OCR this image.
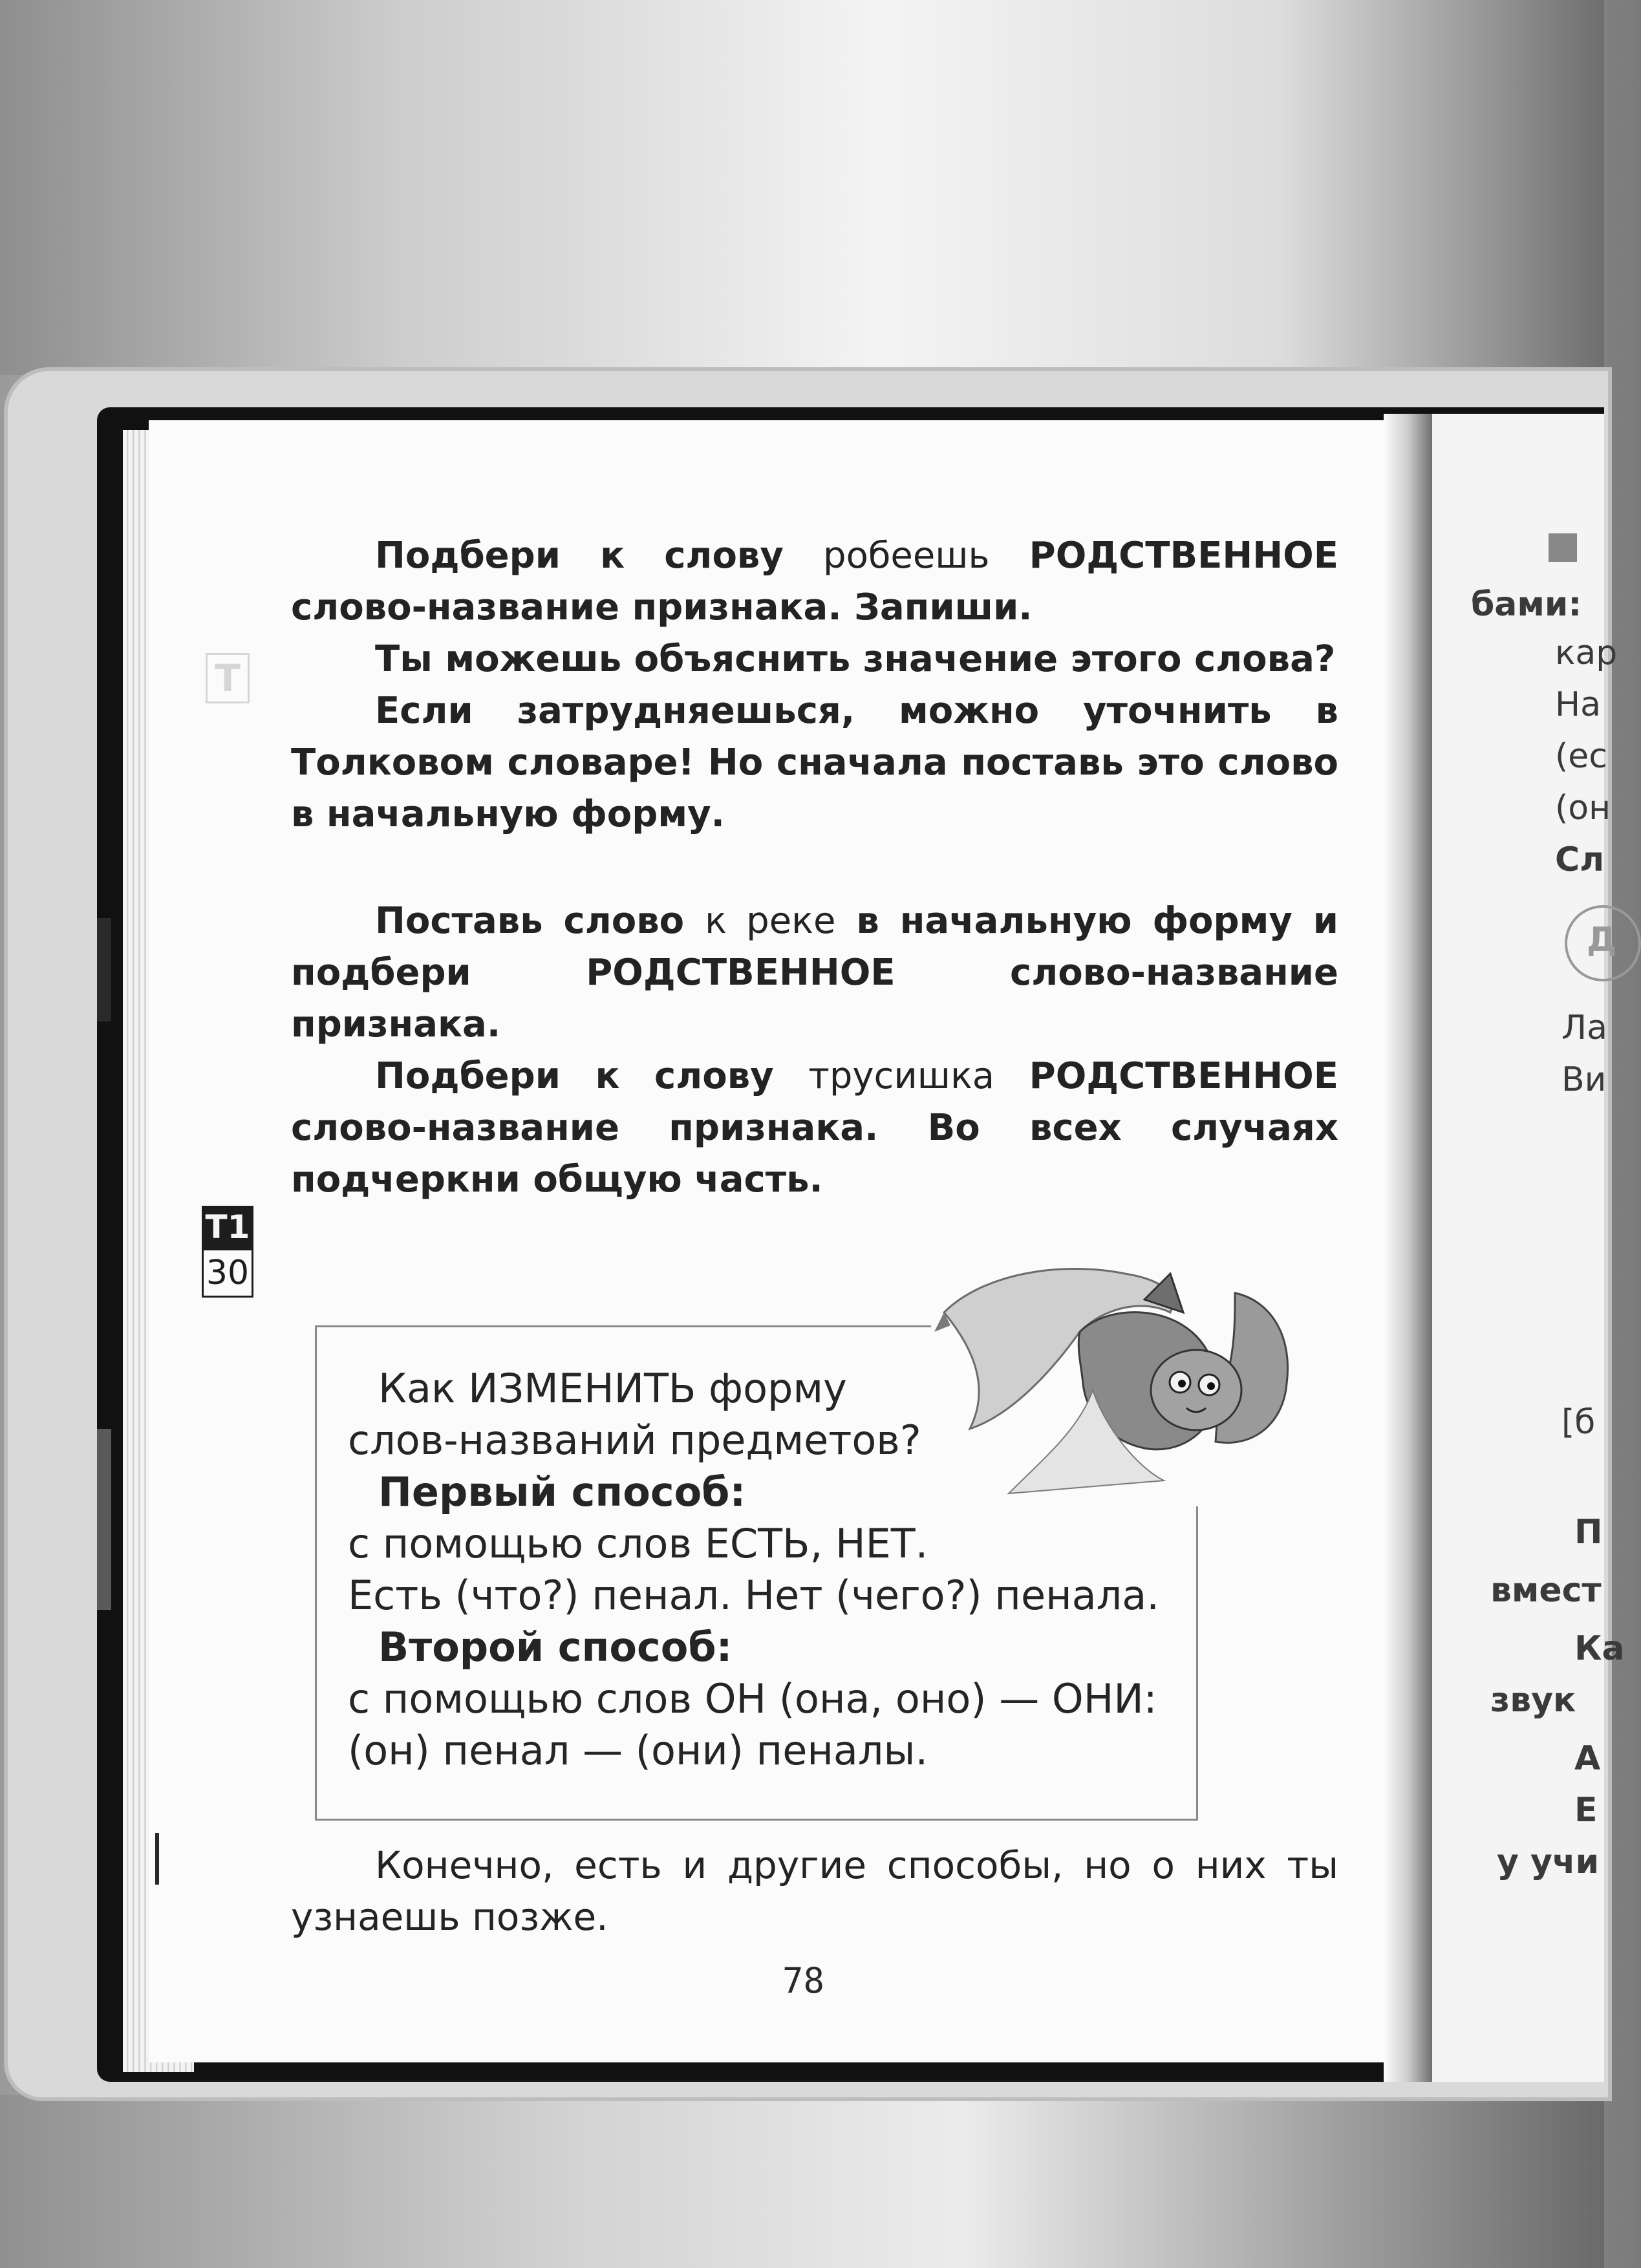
бами:
кар
На
(ес
(он
Сл
Д
Ла
Ви
[б
П
вмест
Ка
звук
А
Е
у учи

Подбери к слову робеешь РОДСТВЕННОЕ слово-название признака. Запиши.

Ты можешь объяснить значение этого слова?

Если затрудняешься, можно уточнить в Толковом словаре! Но сначала поставь это слово в начальную форму.

Поставь слово к реке в начальную форму и подбери РОДСТВЕННОЕ слово-название признака.

Подбери к слову трусишка РОДСТВЕННОЕ слово-название признака. Во всех случаях подчеркни общую часть.

Т
Т1
30

Как ИЗМЕНИТЬ форму

слов-названий предметов?

Первый способ:

с помощью слов ЕСТЬ, НЕТ.

Есть (что?) пенал. Нет (чего?) пенала.

Второй способ:

с помощью слов ОН (она, оно) — ОНИ:

(он) пенал — (они) пеналы.

Конечно, есть и другие способы, но о них ты узнаешь позже.

78
